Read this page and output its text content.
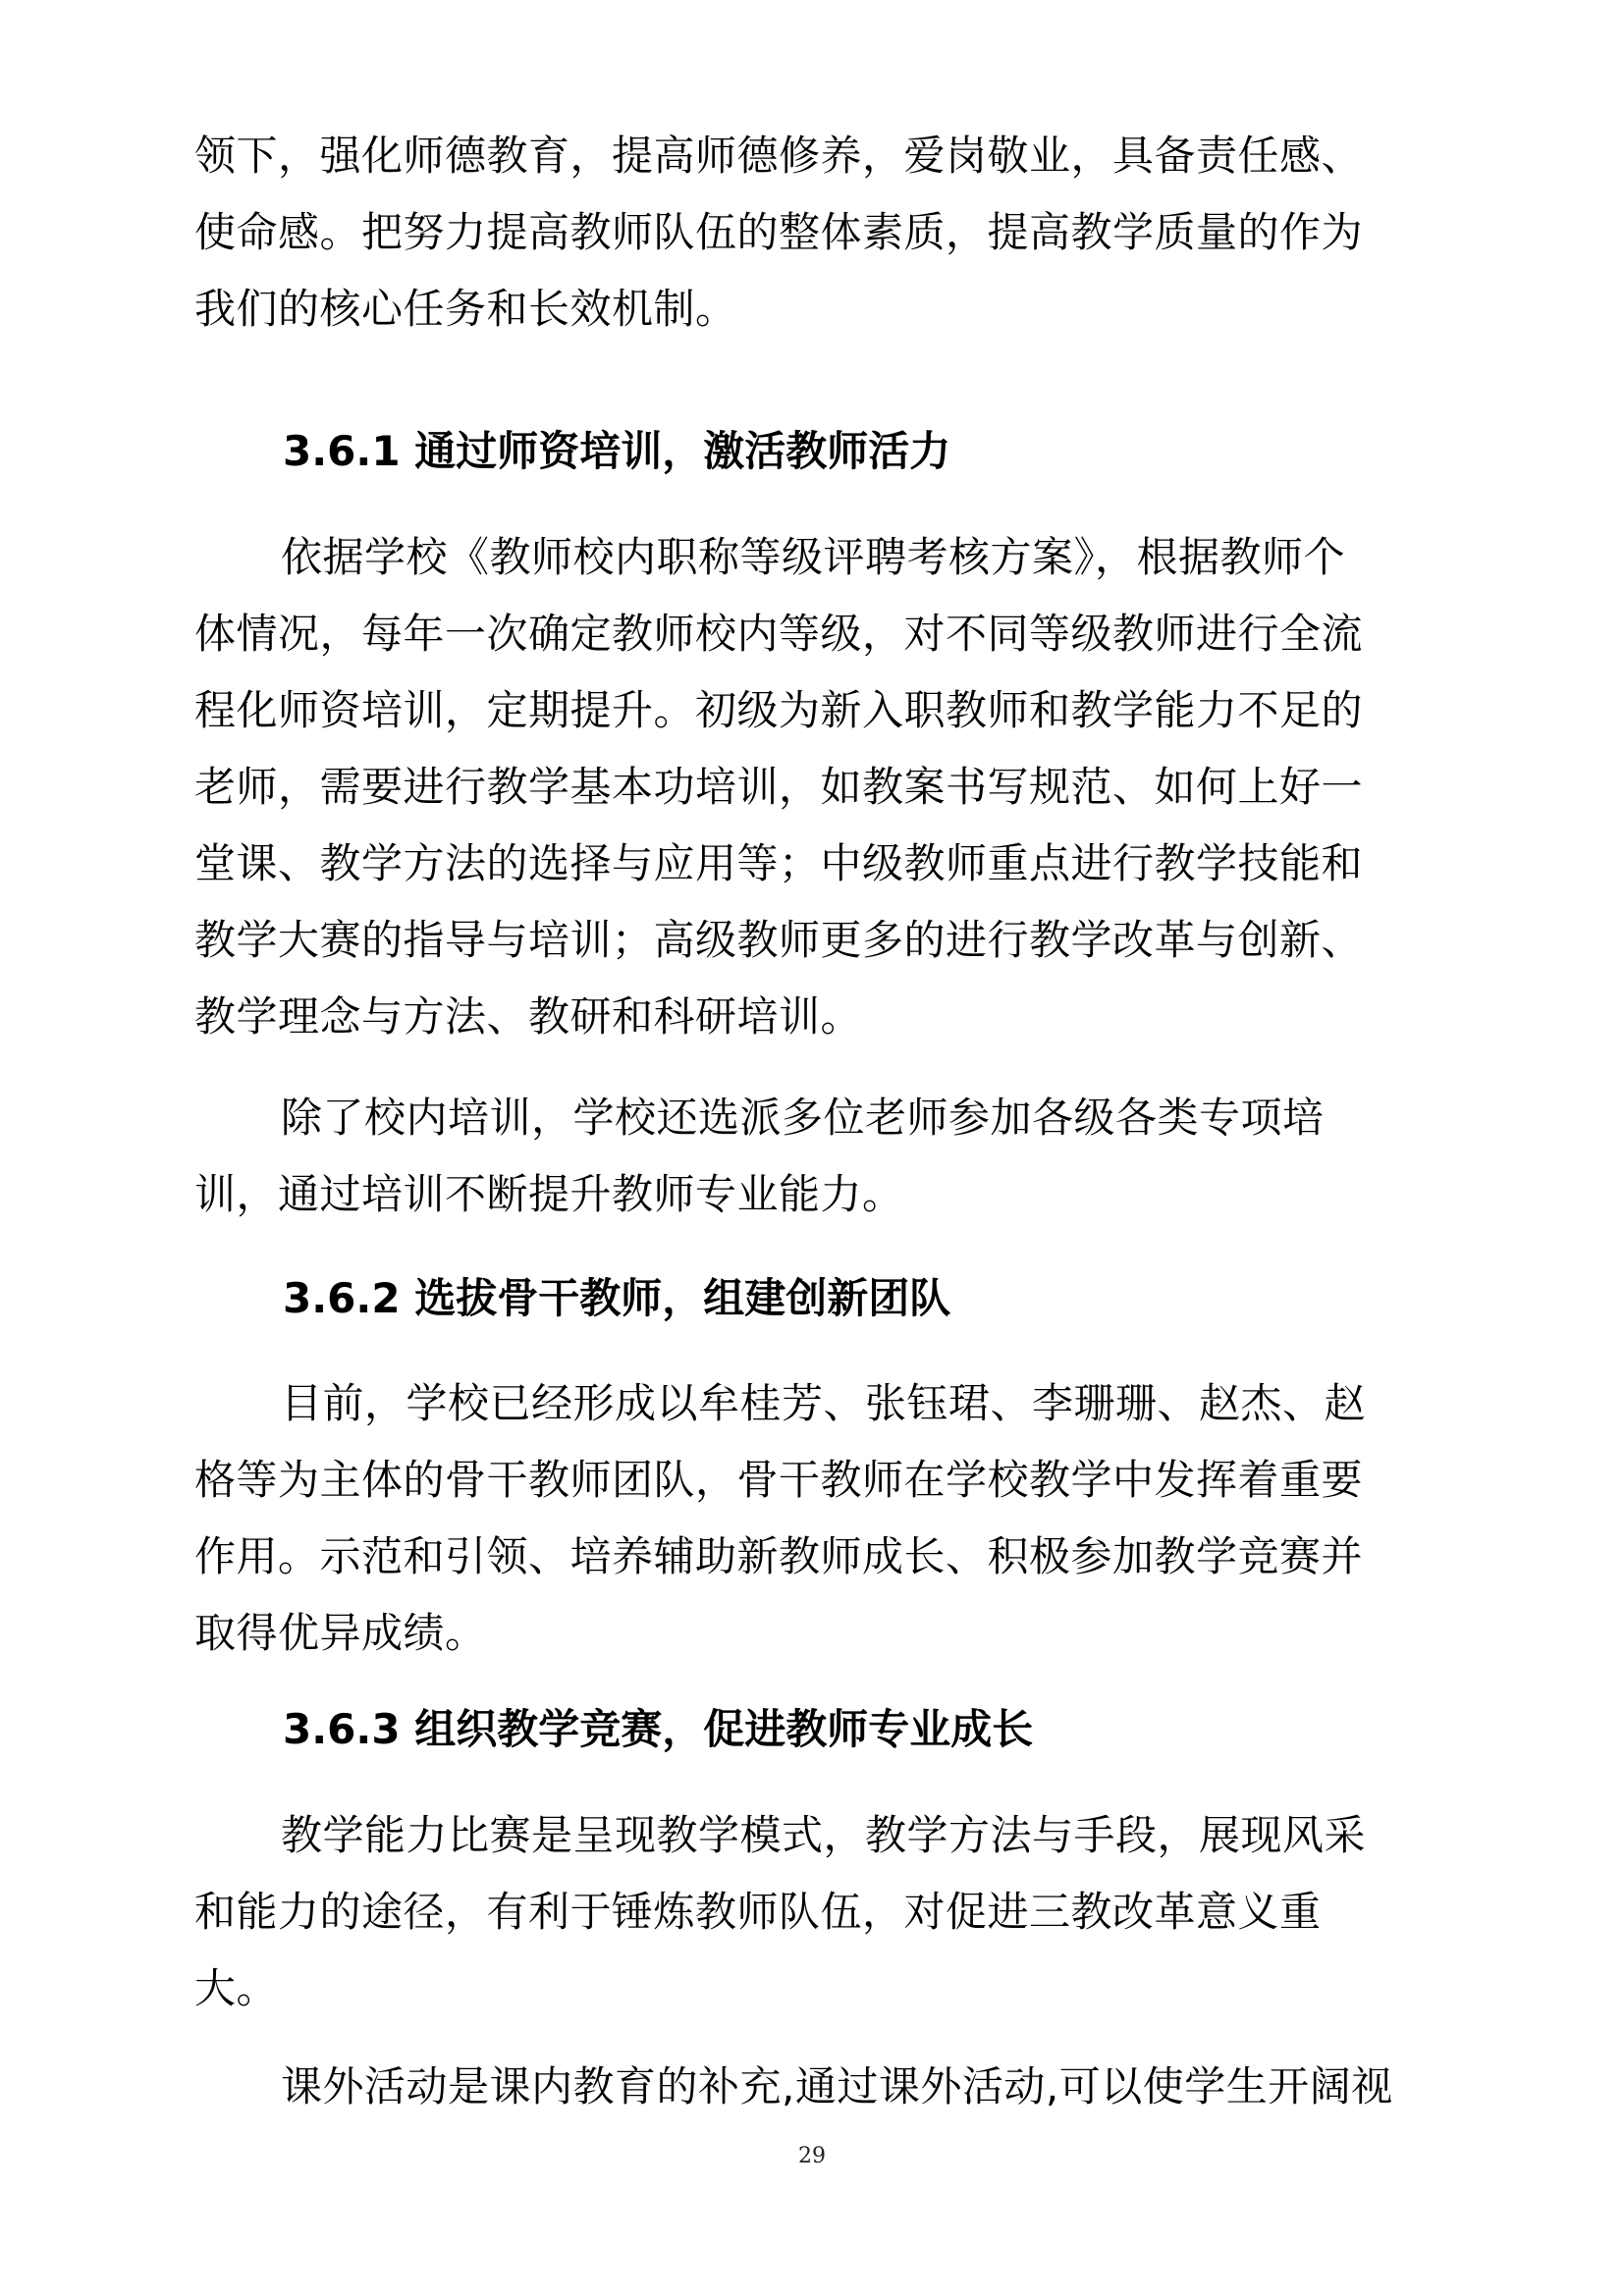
领下，强化师德教育，提高师德修养，爱岗敬业，具备责任感、

使命感。把努力提高教师队伍的整体素质，提高教学质量的作为

我们的核心任务和长效机制。

3.6.1 通过师资培训，激活教师活力

依据学校《教师校内职称等级评聘考核方案》，根据教师个

体情况，每年一次确定教师校内等级，对不同等级教师进行全流

程化师资培训，定期提升。初级为新入职教师和教学能力不足的

老师，需要进行教学基本功培训，如教案书写规范、如何上好一

堂课、教学方法的选择与应用等；中级教师重点进行教学技能和

教学大赛的指导与培训；高级教师更多的进行教学改革与创新、

教学理念与方法、教研和科研培训。

除了校内培训，学校还选派多位老师参加各级各类专项培

训，通过培训不断提升教师专业能力。

3.6.2 选拔骨干教师，组建创新团队

目前，学校已经形成以牟桂芳、张钰珺、李珊珊、赵杰、赵

格等为主体的骨干教师团队，骨干教师在学校教学中发挥着重要

作用。示范和引领、培养辅助新教师成长、积极参加教学竞赛并

取得优异成绩。

3.6.3 组织教学竞赛，促进教师专业成长

教学能力比赛是呈现教学模式，教学方法与手段，展现风采

和能力的途径，有利于锤炼教师队伍，对促进三教改革意义重

大。

课外活动是课内教育的补充,通过课外活动,可以使学生开阔视

29
